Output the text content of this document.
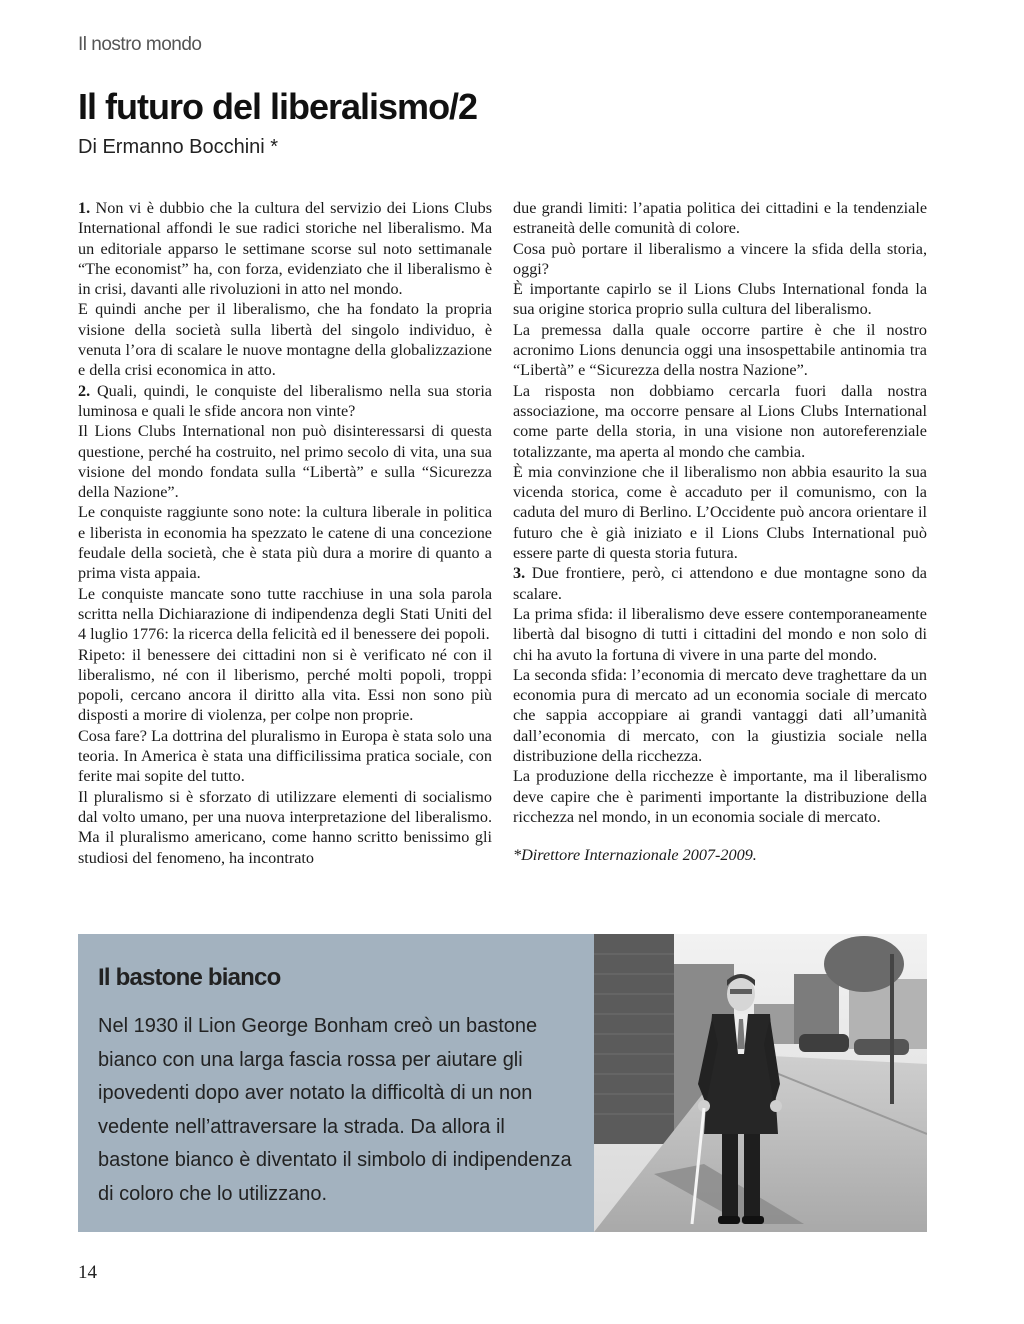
Il nostro mondo
Il futuro del liberalismo/2
Di Ermanno Bocchini *

1. Non vi è dubbio che la cultura del servizio dei Lions Clubs International affondi le sue radici storiche nel liberalismo. Ma un editoriale apparso le settimane scorse sul noto settimanale “The economist” ha, con forza, evidenziato che il liberalismo è in crisi, davanti alle rivoluzioni in atto nel mondo.

E quindi anche per il liberalismo, che ha fondato la propria visione della società sulla libertà del singolo individuo, è venuta l’ora di scalare le nuove montagne della globalizzazione e della crisi economica in atto.

2. Quali, quindi, le conquiste del liberalismo nella sua storia luminosa e quali le sfide ancora non vinte?

Il Lions Clubs International non può disinteressarsi di questa questione, perché ha costruito, nel primo secolo di vita, una sua visione del mondo fondata sulla “Libertà” e sulla “Sicurezza della Nazione”.

Le conquiste raggiunte sono note: la cultura liberale in politica e liberista in economia ha spezzato le catene di una concezione feudale della società, che è stata più dura a morire di quanto a prima vista appaia.

Le conquiste mancate sono tutte racchiuse in una sola parola scritta nella Dichiarazione di indipendenza degli Stati Uniti del 4 luglio 1776: la ricerca della felicità ed il benessere dei popoli.

Ripeto: il benessere dei cittadini non si è verificato né con il liberalismo, né con il liberismo, perché molti popoli, troppi popoli, cercano ancora il diritto alla vita. Essi non sono più disposti a morire di violenza, per colpe non proprie.

Cosa fare? La dottrina del pluralismo in Europa è stata solo una teoria. In America è stata una difficilissima pratica sociale, con ferite mai sopite del tutto.

Il pluralismo si è sforzato di utilizzare elementi di socialismo dal volto umano, per una nuova interpretazione del liberalismo. Ma il pluralismo americano, come hanno scritto benissimo gli studiosi del fenomeno, ha incontrato

due grandi limiti: l’apatia politica dei cittadini e la tendenziale estraneità delle comunità di colore.

Cosa può portare il liberalismo a vincere la sfida della storia, oggi?

È importante capirlo se il Lions Clubs International fonda la sua origine storica proprio sulla cultura del liberalismo.

La premessa dalla quale occorre partire è che il nostro acronimo Lions denuncia oggi una insospettabile antinomia tra “Libertà” e “Sicurezza della nostra Nazione”.

La risposta non dobbiamo cercarla fuori dalla nostra associazione, ma occorre pensare al Lions Clubs International come parte della storia, in una visione non autoreferenziale totalizzante, ma aperta al mondo che cambia.

È mia convinzione che il liberalismo non abbia esaurito la sua vicenda storica, come è accaduto per il comunismo, con la caduta del muro di Berlino. L’Occidente può ancora orientare il futuro che è già iniziato e il Lions Clubs International può essere parte di questa storia futura.

3. Due frontiere, però, ci attendono e due montagne sono da scalare.

La prima sfida: il liberalismo deve essere contemporaneamente libertà dal bisogno di tutti i cittadini del mondo e non solo di chi ha avuto la fortuna di vivere in una parte del mondo.

La seconda sfida: l’economia di mercato deve traghettare da un economia pura di mercato ad un economia sociale di mercato che sappia accoppiare ai grandi vantaggi dati all’umanità dall’economia di mercato, con la giustizia sociale nella distribuzione della ricchezza.

La produzione della ricchezze è importante, ma il liberalismo deve capire che è parimenti importante la distribuzione della ricchezza nel mondo, in un economia sociale di mercato.

*Direttore Internazionale 2007-2009.

Il bastone bianco

Nel 1930 il Lion George Bonham creò un bastone bianco con una larga fascia rossa per aiutare gli ipovedenti dopo aver notato la difficoltà di un non vedente nell’attraversare la strada. Da allora il bastone bianco è diventato il simbolo di indipendenza di coloro che lo utilizzano.

14
